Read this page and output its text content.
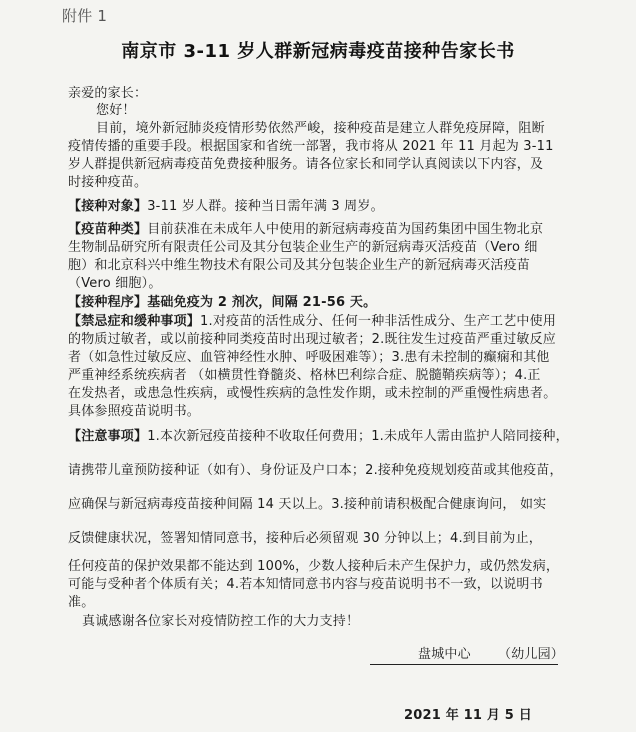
附件 1
南京市 3-11 岁人群新冠病毒疫苗接种告家长书
亲爱的家长：
您好！
目前，境外新冠肺炎疫情形势依然严峻，接种疫苗是建立人群免疫屏障，阻断
疫情传播的重要手段。根据国家和省统一部署，我市将从 2021 年 11 月起为 3-11
岁人群提供新冠病毒疫苗免费接种服务。请各位家长和同学认真阅读以下内容，及
时接种疫苗。
【接种对象】3-11 岁人群。接种当日需年满 3 周岁。
【疫苗种类】目前获准在未成年人中使用的新冠病毒疫苗为国药集团中国生物北京
生物制品研究所有限责任公司及其分包装企业生产的新冠病毒灭活疫苗（Vero 细
胞）和北京科兴中维生物技术有限公司及其分包装企业生产的新冠病毒灭活疫苗
（Vero 细胞）。
【接种程序】基础免疫为 2 剂次，间隔 21-56 天。
【禁忌症和缓种事项】1.对疫苗的活性成分、任何一种非活性成分、生产工艺中使用
的物质过敏者，或以前接种同类疫苗时出现过敏者；2.既往发生过疫苗严重过敏反应
者（如急性过敏反应、血管神经性水肿、呼吸困难等）；3.患有未控制的癫痫和其他
严重神经系统疾病者 （如横贯性脊髓炎、格林巴利综合症、脱髓鞘疾病等）；4.正
在发热者，或患急性疾病，或慢性疾病的急性发作期，或未控制的严重慢性病患者。
具体参照疫苗说明书。
【注意事项】1.本次新冠疫苗接种不收取任何费用；1.未成年人需由监护人陪同接种，
请携带儿童预防接种证（如有）、身份证及户口本；2.接种免疫规划疫苗或其他疫苗，
应确保与新冠病毒疫苗接种间隔 14 天以上。3.接种前请积极配合健康询问， 如实
反馈健康状况，签署知情同意书，接种后必须留观 30 分钟以上；4.到目前为止，
任何疫苗的保护效果都不能达到 100%，少数人接种后未产生保护力，或仍然发病，
可能与受种者个体质有关；4.若本知情同意书内容与疫苗说明书不一致，以说明书
准。
真诚感谢各位家长对疫情防控工作的大力支持！
盘城中心 （幼儿园）
2021 年 11 月 5 日
